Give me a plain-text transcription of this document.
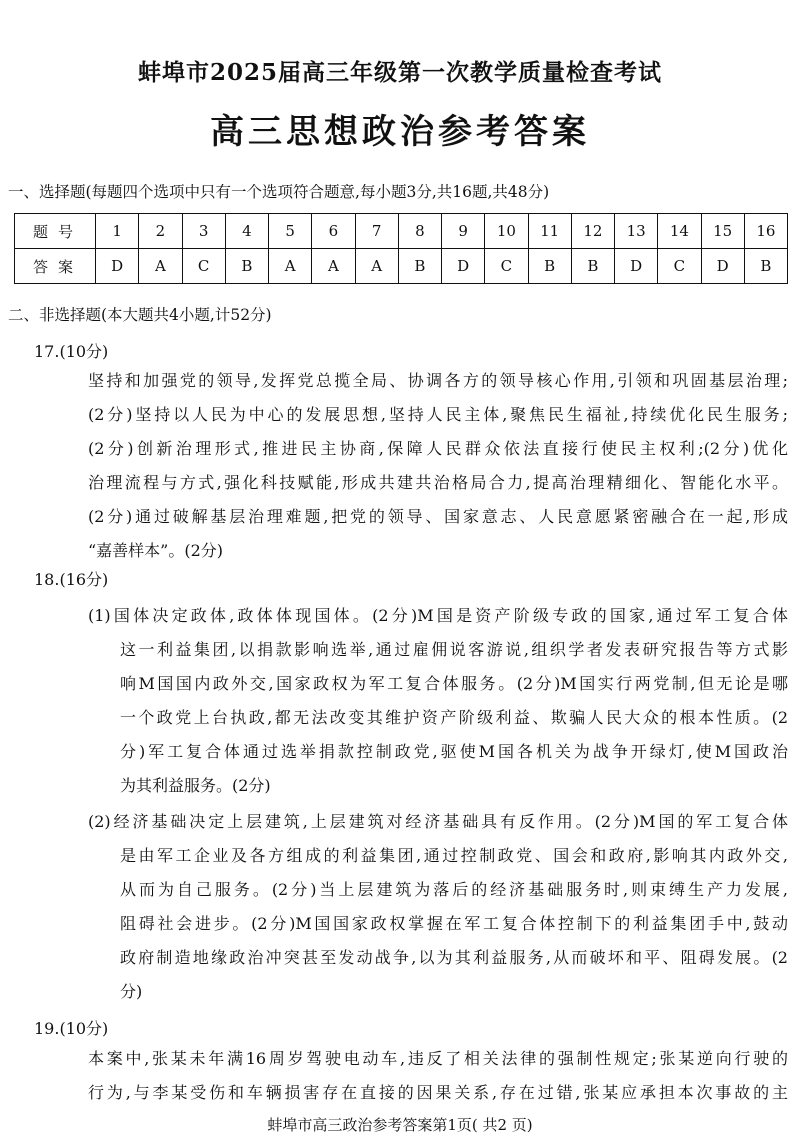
蚌埠市2025届高三年级第一次教学质量检查考试
高三思想政治参考答案
一、选择题(每题四个选项中只有一个选项符合题意,每小题3分,共16题,共48分)
题号	1	2	3	4	5	6	7	8	9	10	11	12	13	14	15	16
答案	D	A	C	B	A	A	A	B	D	C	B	B	D	C	D	B
二、非选择题(本大题共4小题,计52分)
17.(10分)
坚持和加强党的领导,发挥党总揽全局、协调各方的领导核心作用,引领和巩固基层治理;
(2分)坚持以人民为中心的发展思想,坚持人民主体,聚焦民生福祉,持续优化民生服务;
(2分)创新治理形式,推进民主协商,保障人民群众依法直接行使民主权利;(2分)优化
治理流程与方式,强化科技赋能,形成共建共治格局合力,提高治理精细化、智能化水平。
(2分)通过破解基层治理难题,把党的领导、国家意志、人民意愿紧密融合在一起,形成
“嘉善样本”。(2分)
18.(16分)
(1)国体决定政体,政体体现国体。(2分)M国是资产阶级专政的国家,通过军工复合体
这一利益集团,以捐款影响选举,通过雇佣说客游说,组织学者发表研究报告等方式影
响M国国内政外交,国家政权为军工复合体服务。(2分)M国实行两党制,但无论是哪
一个政党上台执政,都无法改变其维护资产阶级利益、欺骗人民大众的根本性质。(2
分)军工复合体通过选举捐款控制政党,驱使M国各机关为战争开绿灯,使M国政治
为其利益服务。(2分)
(2)经济基础决定上层建筑,上层建筑对经济基础具有反作用。(2分)M国的军工复合体
是由军工企业及各方组成的利益集团,通过控制政党、国会和政府,影响其内政外交,
从而为自己服务。(2分)当上层建筑为落后的经济基础服务时,则束缚生产力发展,
阻碍社会进步。(2分)M国国家政权掌握在军工复合体控制下的利益集团手中,鼓动
政府制造地缘政治冲突甚至发动战争,以为其利益服务,从而破坏和平、阻碍发展。(2
分)
19.(10分)
本案中,张某未年满16周岁驾驶电动车,违反了相关法律的强制性规定;张某逆向行驶的
行为,与李某受伤和车辆损害存在直接的因果关系,存在过错,张某应承担本次事故的主
蚌埠市高三政治参考答案第1页( 共2 页)
